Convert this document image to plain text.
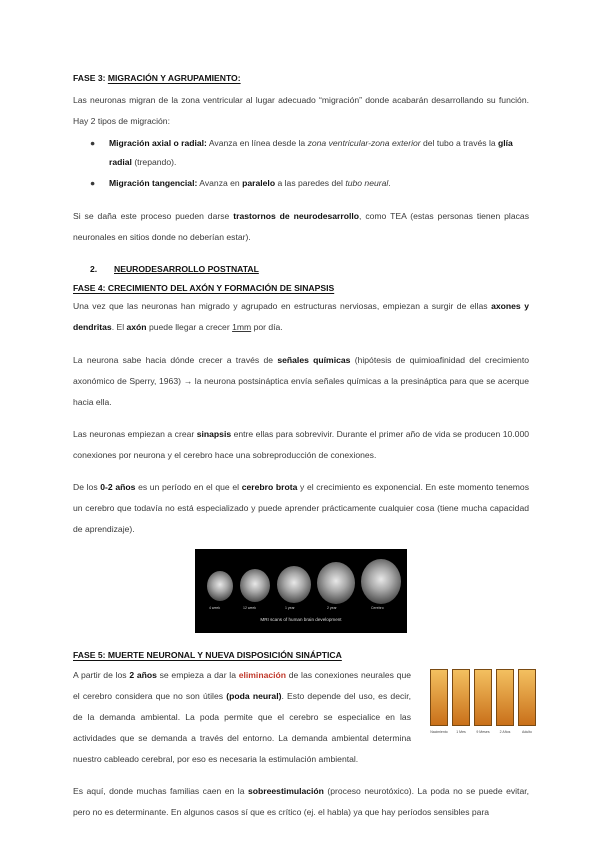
FASE 3: MIGRACIÓN Y AGRUPAMIENTO:

Las neuronas migran de la zona ventricular al lugar adecuado “migración” donde acabarán desarrollando su función. Hay 2 tipos de migración:

● Migración axial o radial: Avanza en línea desde la zona ventricular-zona exterior del tubo a través la glía radial (trepando).
● Migración tangencial: Avanza en paralelo a las paredes del tubo neural.

Si se daña este proceso pueden darse trastornos de neurodesarrollo, como TEA (estas personas tienen placas neuronales en sitios donde no deberían estar).

2. NEURODESARROLLO POSTNATAL

FASE 4: CRECIMIENTO DEL AXÓN Y FORMACIÓN DE SINAPSIS

Una vez que las neuronas han migrado y agrupado en estructuras nerviosas, empiezan a surgir de ellas axones y dendritas. El axón puede llegar a crecer 1mm por día.

La neurona sabe hacia dónde crecer a través de señales químicas (hipótesis de quimioafinidad del crecimiento axonómico de Sperry, 1963) → la neurona postsináptica envía señales químicas a la presináptica para que se acerque hacia ella.

Las neuronas empiezan a crear sinapsis entre ellas para sobrevivir. Durante el primer año de vida se producen 10.000 conexiones por neurona y el cerebro hace una sobreproducción de conexiones.

De los 0-2 años es un período en el que el cerebro brota y el crecimiento es exponencial. En este momento tenemos un cerebro que todavía no está especializado y puede aprender prácticamente cualquier cosa (tiene mucha capacidad de aprendizaje).

4 week	12 week	1 year	2 year	Cerebro
MRI scans of human brain development

FASE 5: MUERTE NEURONAL Y NUEVA DISPOSICIÓN SINÁPTICA

A partir de los 2 años se empieza a dar la eliminación de las conexiones neurales que el cerebro considera que no son útiles (poda neural). Esto depende del uso, es decir, de la demanda ambiental. La poda permite que el cerebro se especialice en las actividades que se demanda a través del entorno. La demanda ambiental determina nuestro cableado cerebral, por eso es necesaria la estimulación ambiental.

Nacimiento	1 Mes	9 Meses	2 Años	Adulto

Es aquí, donde muchas familias caen en la sobreestimulación (proceso neurotóxico). La poda no se puede evitar, pero no es determinante. En algunos casos sí que es crítico (ej. el habla) ya que hay períodos sensibles para
